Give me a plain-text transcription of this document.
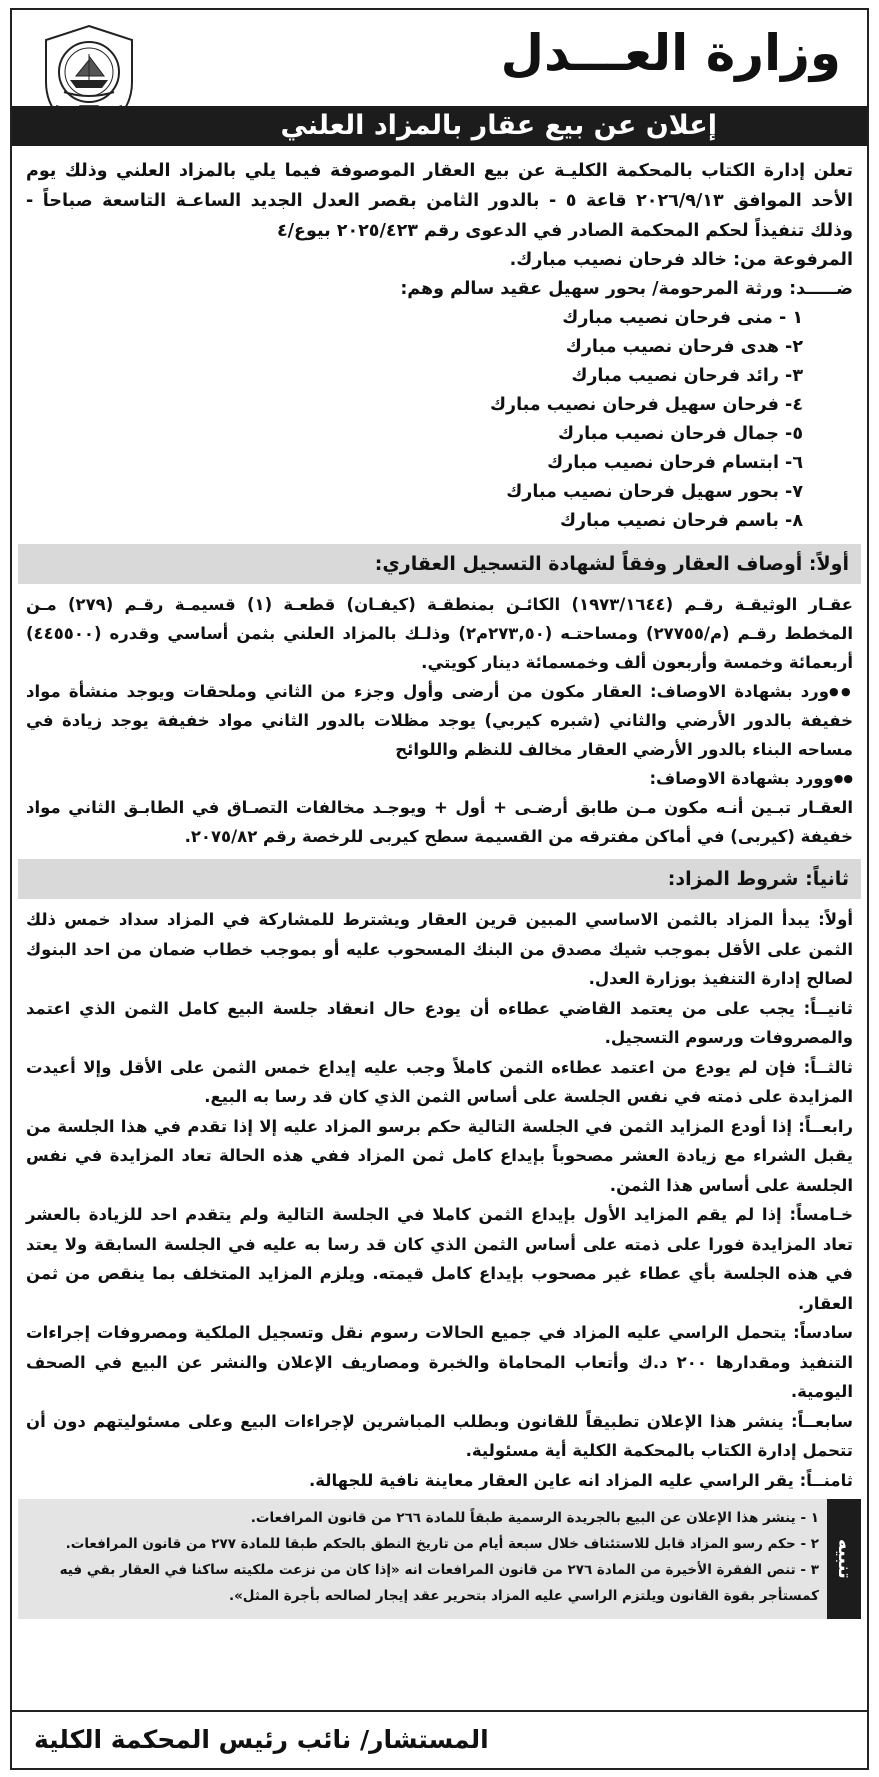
وزارة العـــدل
إعلان عن بيع عقار بالمزاد العلني

تعلن إدارة الكتاب بالمحكمة الكليـة عن بيع العقار الموصوفة فيما يلي بالمزاد العلني وذلك يوم الأحد الموافق ٢٠٢٦/٩/١٣ قاعة ٥ - بالدور الثامن بقصر العدل الجديد الساعـة التاسعة صباحاً - وذلك تنفيذاً لحكم المحكمة الصادر في الدعوى رقم ٢٠٢٥/٤٢٣ بيوع/٤

المرفوعة من: خالد فرحان نصيب مبارك.

ضـــــد: ورثة المرحومة/ بحور سهيل عقيد سالم وهم:

١ - منى فرحان نصيب مبارك
٢- هدى فرحان نصيب مبارك
٣- رائد فرحان نصيب مبارك
٤- فرحان سهيل فرحان نصيب مبارك
٥- جمال فرحان نصيب مبارك
٦- ابتسام فرحان نصيب مبارك
٧- بحور سهيل فرحان نصيب مبارك
٨- باسم فرحان نصيب مبارك
أولاً: أوصاف العقار وفقاً لشهادة التسجيل العقاري:

عقـار الوثيقـة رقـم (١٩٧٣/١٦٤٤) الكائـن بمنطقـة (كيفـان) قطعـة (١) قسيمـة رقـم (٢٧٩) مـن المخطط رقـم (م/٢٧٧٥٥) ومساحتـه (٢٧٣,٥٠م٢) وذلـك بالمزاد العلني بثمن أساسي وقدره (٤٤٥٥٠٠) أربعمائة وخمسة وأربعون ألف وخمسمائة دينار كويتي.

●● ورد بشهادة الاوصاف: العقار مكون من أرضى وأول وجزء من الثاني وملحقات ويوجد منشأة مواد خفيفة بالدور الأرضي والثاني (شبره كيربي) يوجد مظلات بالدور الثاني مواد خفيفة يوجد زيادة في مساحه البناء بالدور الأرضي العقار مخالف للنظم واللوائح

●● وورد بشهادة الاوصاف:

العقـار تبـين أنـه مكون مـن طابق أرضـى + أول + ويوجـد مخالفات التصـاق في الطابـق الثاني مواد خفيفة (كيربى) في أماكن مفترقه من القسيمة سطح كيربى للرخصة رقم ٢٠٧٥/٨٢.

ثانياً: شروط المزاد:

أولاً: يبدأ المزاد بالثمن الاساسي المبين قرين العقار ويشترط للمشاركة في المزاد سداد خمس ذلك الثمن على الأقل بموجب شيك مصدق من البنك المسحوب عليه أو بموجب خطاب ضمان من احد البنوك لصالح إدارة التنفيذ بوزارة العدل.

ثانيــاً: يجب على من يعتمد القاضي عطاءه أن يودع حال انعقاد جلسة البيع كامل الثمن الذي اعتمد والمصروفات ورسوم التسجيل.

ثالثــاً: فإن لم يودع من اعتمد عطاءه الثمن كاملاً وجب عليه إيداع خمس الثمن على الأقل وإلا أعيدت المزايدة على ذمته في نفس الجلسة على أساس الثمن الذي كان قد رسا به البيع.

رابعــاً: إذا أودع المزايد الثمن في الجلسة التالية حكم برسو المزاد عليه إلا إذا تقدم في هذا الجلسة من يقبل الشراء مع زيادة العشر مصحوباً بإيداع كامل ثمن المزاد ففي هذه الحالة تعاد المزايدة في نفس الجلسة على أساس هذا الثمن.

خـامساً: إذا لم يقم المزايد الأول بإيداع الثمن كاملا في الجلسة التالية ولم يتقدم احد للزيادة بالعشر تعاد المزايدة فورا على ذمته على أساس الثمن الذي كان قد رسا به عليه في الجلسة السابقة ولا يعتد في هذه الجلسة بأي عطاء غير مصحوب بإيداع كامل قيمته. ويلزم المزايد المتخلف بما ينقص من ثمن العقار.

سادساً: يتحمل الراسي عليه المزاد في جميع الحالات رسوم نقل وتسجيل الملكية ومصروفات إجراءات التنفيذ ومقدارها ٢٠٠ د.ك وأتعاب المحاماة والخبرة ومصاريف الإعلان والنشر عن البيع في الصحف اليومية.

سابعــاً: ينشر هذا الإعلان تطبيقاً للقانون وبطلب المباشرين لإجراءات البيع وعلى مسئوليتهم دون أن تتحمل إدارة الكتاب بالمحكمة الكلية أية مسئولية.

ثامنــاً: يقر الراسي عليه المزاد انه عاين العقار معاينة نافية للجهالة.

تنبيه
١ - ينشر هذا الإعلان عن البيع بالجريدة الرسمية طبقاً للمادة ٢٦٦ من قانون المرافعات.
٢ - حكم رسو المزاد قابل للاستئناف خلال سبعة أيام من تاريخ النطق بالحكم طبقا للمادة ٢٧٧ من قانون المرافعات.
٣ - تنص الفقرة الأخيرة من المادة ٢٧٦ من قانون المرافعات انه «إذا كان من نزعت ملكيته ساكنا في العقار بقي فيه كمستأجر بقوة القانون ويلتزم الراسي عليه المزاد بتحرير عقد إيجار لصالحه بأجرة المثل».
المستشار/ نائب رئيس المحكمة الكلية
